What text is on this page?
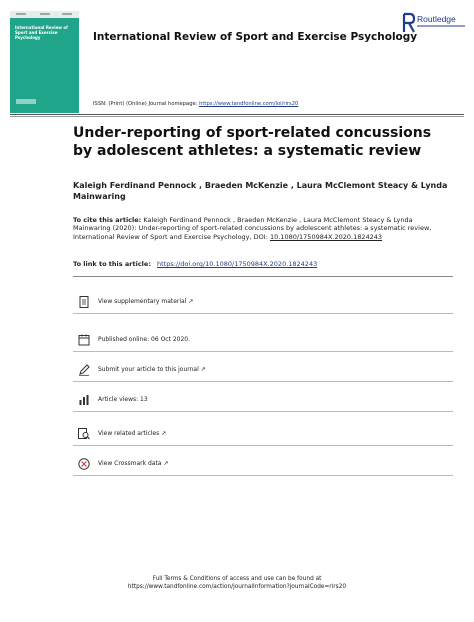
International Review of Sport and Exercise Psychology	International Review of Sport and Exercise Psychology
Routledge
ISSN: (Print) (Online) Journal homepage: https://www.tandfonline.com/loi/rirs20
Under-reporting of sport-related concussions by adolescent athletes: a systematic review
Kaleigh Ferdinand Pennock , Braeden McKenzie , Laura McClemont Steacy & Lynda Mainwaring
To cite this article: Kaleigh Ferdinand Pennock , Braeden McKenzie , Laura McClemont Steacy & Lynda Mainwaring (2020): Under-reporting of sport-related concussions by adolescent athletes: a systematic review, International Review of Sport and Exercise Psychology, DOI: 10.1080/1750984X.2020.1824243
To link to this article: https://doi.org/10.1080/1750984X.2020.1824243
View supplementary material ↗
Published online: 06 Oct 2020.
Submit your article to this journal ↗
Article views: 13
View related articles ↗
View Crossmark data ↗
Full Terms & Conditions of access and use can be found at
https://www.tandfonline.com/action/journalInformation?journalCode=rirs20
